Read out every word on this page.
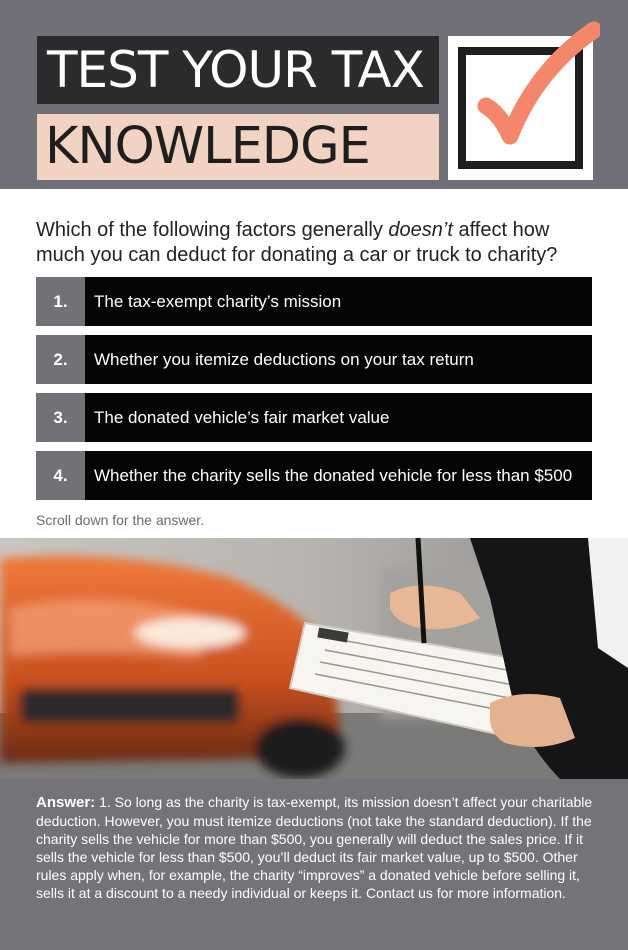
TEST YOUR TAX
KNOWLEDGE
Which of the following factors generally doesn’t affect how much you can deduct for donating a car or truck to charity?
1.	The tax-exempt charity’s mission
2.	Whether you itemize deductions on your tax return
3.	The donated vehicle’s fair market value
4.	Whether the charity sells the donated vehicle for less than $500
Scroll down for the answer.
Answer: 1. So long as the charity is tax-exempt, its mission doesn’t affect your charitable deduction. However, you must itemize deductions (not take the standard deduction). If the charity sells the vehicle for more than $500, you generally will deduct the sales price. If it sells the vehicle for less than $500, you’ll deduct its fair market value, up to $500. Other rules apply when, for example, the charity “improves” a donated vehicle before selling it, sells it at a discount to a needy individual or keeps it. Contact us for more information.
